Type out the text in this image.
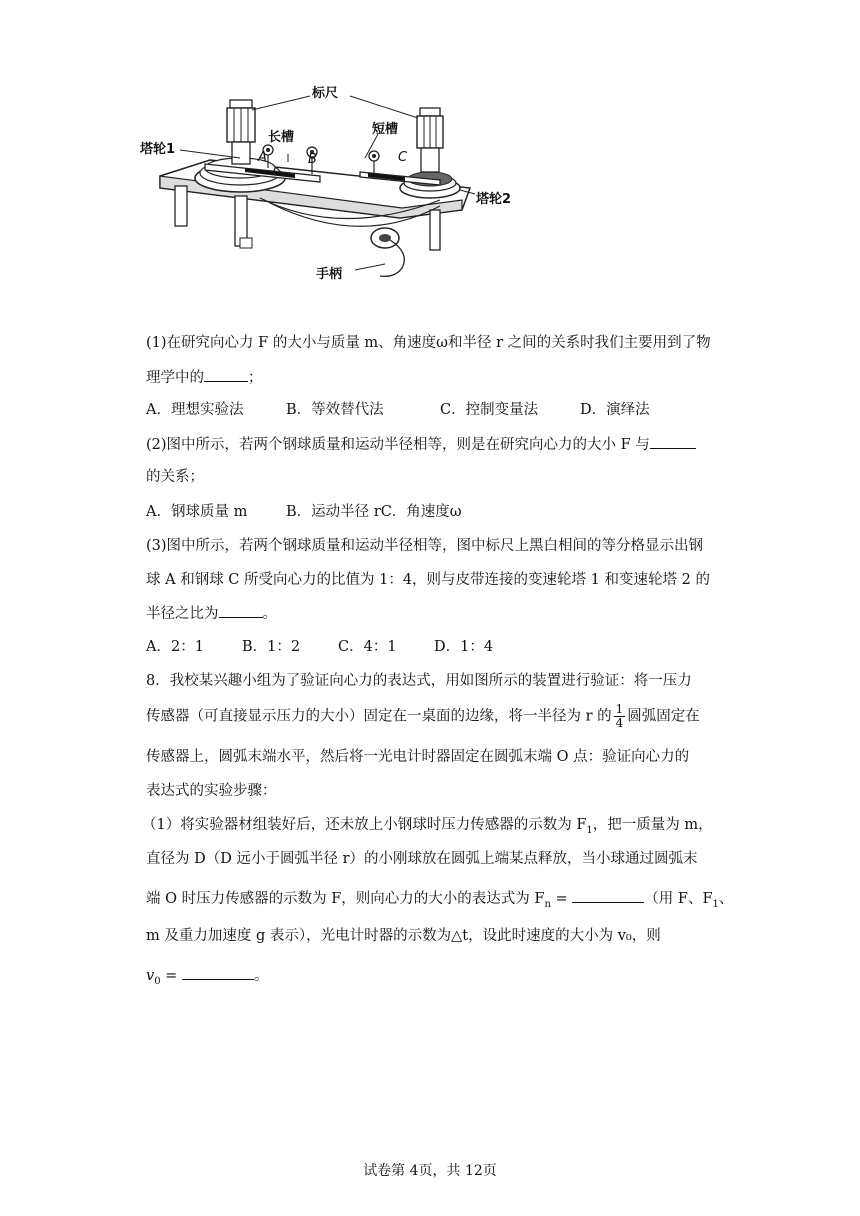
标尺
长槽
短槽
塔轮1
塔轮2
手柄
A	B	C
(1)在研究向心力 F 的大小与质量 m、角速度ω和半径 r 之间的关系时我们主要用到了物
理学中的	；
A．理想实验法	B．等效替代法	C．控制变量法	D．演绎法
(2)图中所示，若两个钢球质量和运动半径相等，则是在研究向心力的大小 F 与
的关系；
A．钢球质量 m	B．运动半径 rC．角速度ω
(3)图中所示，若两个钢球质量和运动半径相等，图中标尺上黑白相间的等分格显示出钢
球 A 和钢球 C 所受向心力的比值为 1：4，则与皮带连接的变速轮塔 1 和变速轮塔 2 的
半径之比为	。
A．2：1	B．1：2	C．4：1	D．1：4
8．我校某兴趣小组为了验证向心力的表达式，用如图所示的装置进行验证：将一压力
传感器（可直接显示压力的大小）固定在一桌面的边缘，将一半径为 r 的 $\frac{1}{4}$ 圆弧固定在
传感器上，圆弧末端水平，然后将一光电计时器固定在圆弧末端 O 点：验证向心力的
表达式的实验步骤：
（1）将实验器材组装好后，还未放上小钢球时压力传感器的示数为 $F_1$，把一质量为 m，
直径为 D（D 远小于圆弧半径 r）的小刚球放在圆弧上端某点释放，当小球通过圆弧末
端 O 时压力传感器的示数为 F，则向心力的大小的表达式为 $F_n$ =	（用 F、$F_1$、
m 及重力加速度 g 表示），光电计时器的示数为△t，设此时速度的大小为 v₀，则
$v_0$ =	。
试卷第 4页，共 12页
